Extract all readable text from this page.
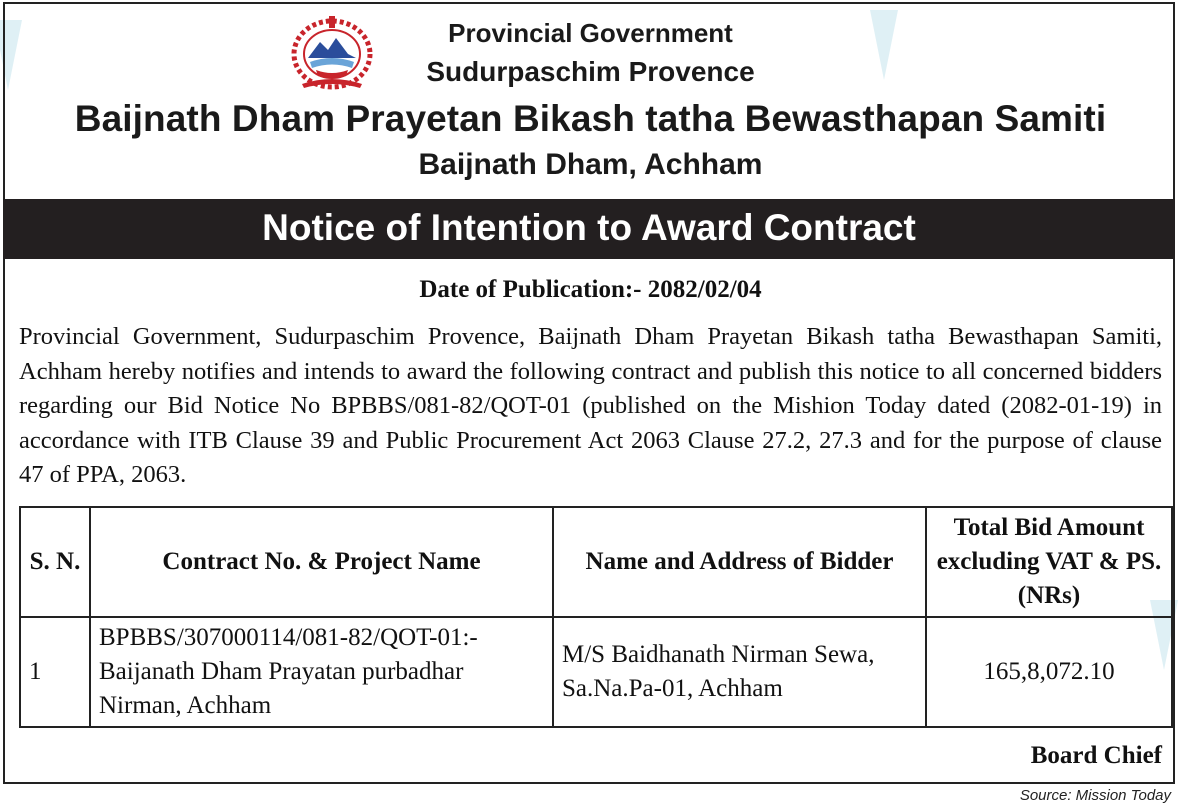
Provincial Government
Sudurpaschim Provence
Baijnath Dham Prayetan Bikash tatha Bewasthapan Samiti
Baijnath Dham, Achham
Notice of Intention to Award Contract
Date of Publication:- 2082/02/04
Provincial Government, Sudurpaschim Provence, Baijnath Dham Prayetan Bikash tatha Bewasthapan Samiti, Achham hereby notifies and intends to award the following contract and publish this notice to all concerned bidders regarding our Bid Notice No BPBBS/081-82/QOT-01 (published on the Mishion Today dated (2082-01-19) in accordance with ITB Clause 39 and Public Procurement Act 2063 Clause 27.2, 27.3 and for the purpose of clause 47 of PPA, 2063.
S. N.	Contract No. & Project Name	Name and Address of Bidder	Total Bid Amount excluding VAT & PS. (NRs)
1	BPBBS/307000114/081-82/QOT-01:- Baijanath Dham Prayatan purbadhar Nirman, Achham	M/S Baidhanath Nirman Sewa, Sa.Na.Pa-01, Achham	165,8,072.10
Board Chief
Source: Mission Today
